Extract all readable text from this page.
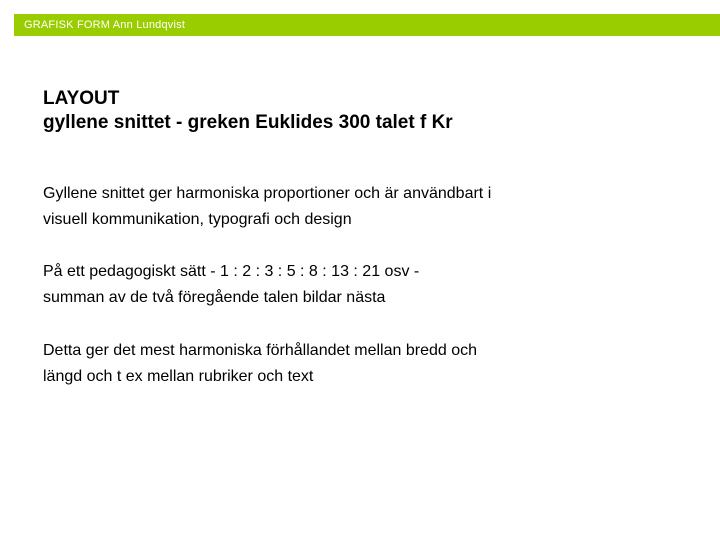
GRAFISK FORM Ann Lundqvist
LAYOUT
gyllene snittet - greken Euklides 300 talet f Kr
Gyllene snittet ger harmoniska proportioner och är användbart i
visuell kommunikation, typografi och design
På ett pedagogiskt sätt - 1 : 2 : 3 : 5 : 8 : 13 : 21 osv -
summan av de två föregående talen bildar nästa
Detta ger det mest harmoniska förhållandet mellan bredd och
längd och t ex mellan rubriker och text
